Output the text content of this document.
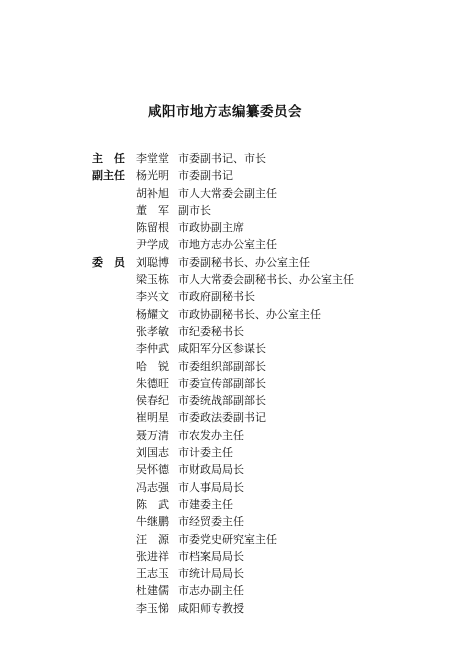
咸阳市地方志编纂委员会
主　任	李堂堂 市委副书记、市长
副主任	杨光明 市委副书记
胡补旭 市人大常委会副主任
董　军 副市长
陈留根 市政协副主席
尹学成 市地方志办公室主任
委　员	刘聪博 市委副秘书长、办公室主任
梁玉栋 市人大常委会副秘书长、办公室主任
李兴文 市政府副秘书长
杨耀文 市政协副秘书长、办公室主任
张孝敏 市纪委秘书长
李仲武 咸阳军分区参谋长
哈　锐 市委组织部副部长
朱德旺 市委宣传部副部长
侯春纪 市委统战部副部长
崔明星 市委政法委副书记
聂万清 市农发办主任
刘国志 市计委主任
吴怀德 市财政局局长
冯志强 市人事局局长
陈　武 市建委主任
牛继鹏 市经贸委主任
汪　源 市委党史研究室主任
张进祥 市档案局局长
王志玉 市统计局局长
杜建儒 市志办副主任
李玉悌 咸阳师专教授
